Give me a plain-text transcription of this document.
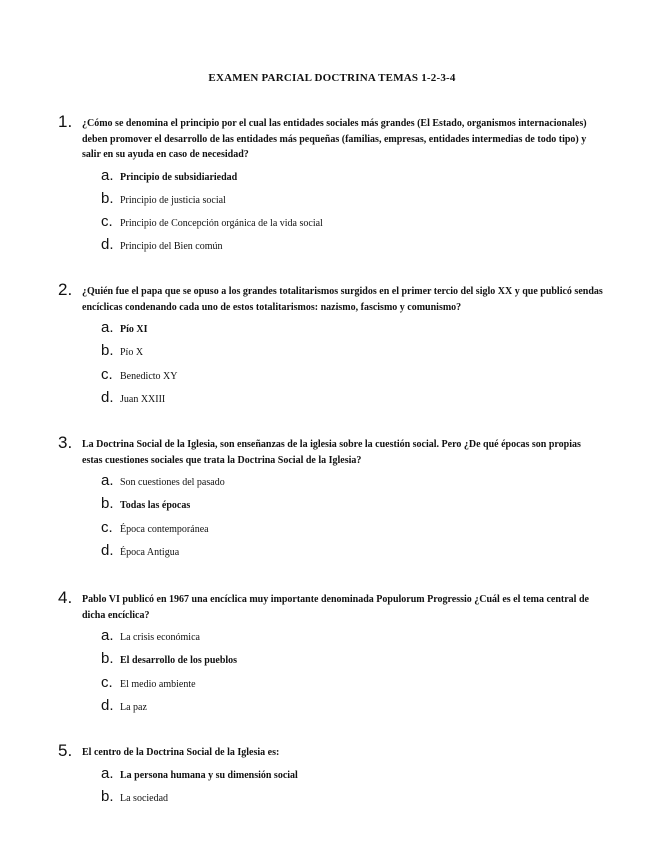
EXAMEN PARCIAL DOCTRINA TEMAS 1-2-3-4
1. ¿Cómo se denomina el principio por el cual las entidades sociales más grandes (El Estado, organismos internacionales) deben promover el desarrollo de las entidades más pequeñas (familias, empresas, entidades intermedias de todo tipo) y salir en su ayuda en caso de necesidad?
a. Principio de subsidiariedad
b. Principio de justicia social
c. Principio de Concepción orgánica de la vida social
d. Principio del Bien común
2. ¿Quién fue el papa que se opuso a los grandes totalitarismos surgidos en el primer tercio del siglo XX y que publicó sendas encíclicas condenando cada uno de estos totalitarismos: nazismo, fascismo y comunismo?
a. Pío XI
b. Pío X
c. Benedicto XY
d. Juan XXIII
3. La Doctrina Social de la Iglesia, son enseñanzas de la iglesia sobre la cuestión social. Pero ¿De qué épocas son propias estas cuestiones sociales que trata la Doctrina Social de la Iglesia?
a. Son cuestiones del pasado
b. Todas las épocas
c. Época contemporánea
d. Época Antigua
4. Pablo VI publicó en 1967 una encíclica muy importante denominada Populorum Progressio ¿Cuál es el tema central de dicha encíclica?
a. La crisis económica
b. El desarrollo de los pueblos
c. El medio ambiente
d. La paz
5. El centro de la Doctrina Social de la Iglesia es:
a. La persona humana y su dimensión social
b. La sociedad
